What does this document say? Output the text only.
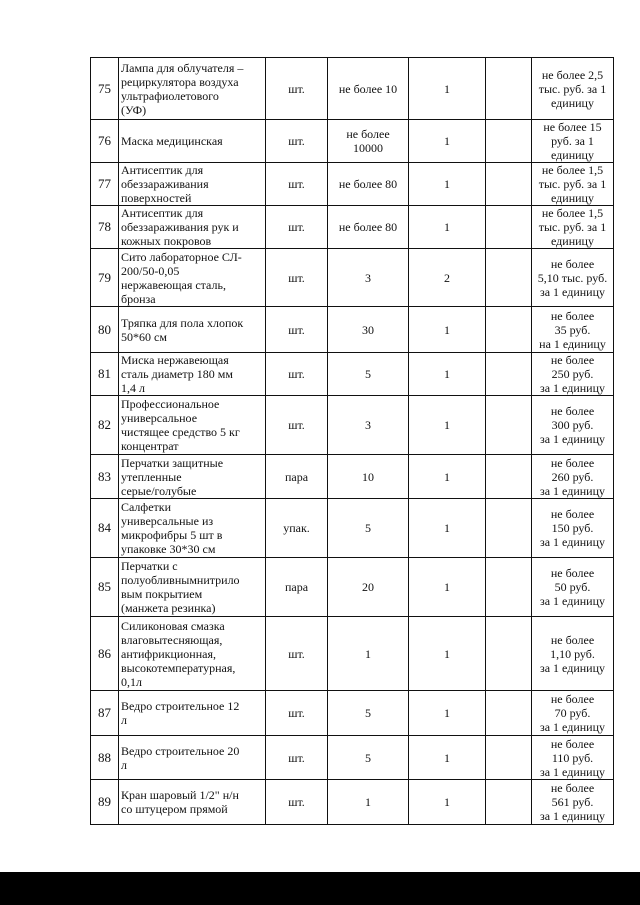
75	Лампа для облучателя –
рециркулятора воздуха
ультрафиолетового
(УФ)	шт.	не более 10	1		не более 2,5
тыс. руб. за 1
единицу
76	Маска медицинская	шт.	не более
10000	1		не более 15
руб. за 1
единицу
77	Антисептик для
обеззараживания
поверхностей	шт.	не более 80	1		не более 1,5
тыс. руб. за 1
единицу
78	Антисептик для
обеззараживания рук и
кожных покровов	шт.	не более 80	1		не более 1,5
тыс. руб. за 1
единицу
79	Сито лабораторное СЛ-
200/50-0,05
нержавеющая сталь,
бронза	шт.	3	2		не более
5,10 тыс. руб.
за 1 единицу
80	Тряпка для пола хлопок
50*60 см	шт.	30	1		не более
35 руб.
на 1 единицу
81	Миска нержавеющая
сталь диаметр 180 мм
1,4 л	шт.	5	1		не более
250 руб.
за 1 единицу
82	Профессиональное
универсальное
чистящее средство 5 кг
концентрат	шт.	3	1		не более
300 руб.
за 1 единицу
83	Перчатки защитные
утепленные
серые/голубые	пара	10	1		не более
260 руб.
за 1 единицу
84	Салфетки
универсальные из
микрофибры 5 шт в
упаковке 30*30 см	упак.	5	1		не более
150 руб.
за 1 единицу
85	Перчатки с
полуобливнымнитрило
вым покрытием
(манжета резинка)	пара	20	1		не более
50 руб.
за 1 единицу
86	Силиконовая смазка
влаговытесняющая,
антифрикционная,
высокотемпературная,
0,1л	шт.	1	1		не более
1,10 руб.
за 1 единицу
87	Ведро строительное 12
л	шт.	5	1		не более
70 руб.
за 1 единицу
88	Ведро строительное 20
л	шт.	5	1		не более
110 руб.
за 1 единицу
89	Кран шаровый 1/2" н/н
со штуцером прямой	шт.	1	1		не более
561 руб.
за 1 единицу
